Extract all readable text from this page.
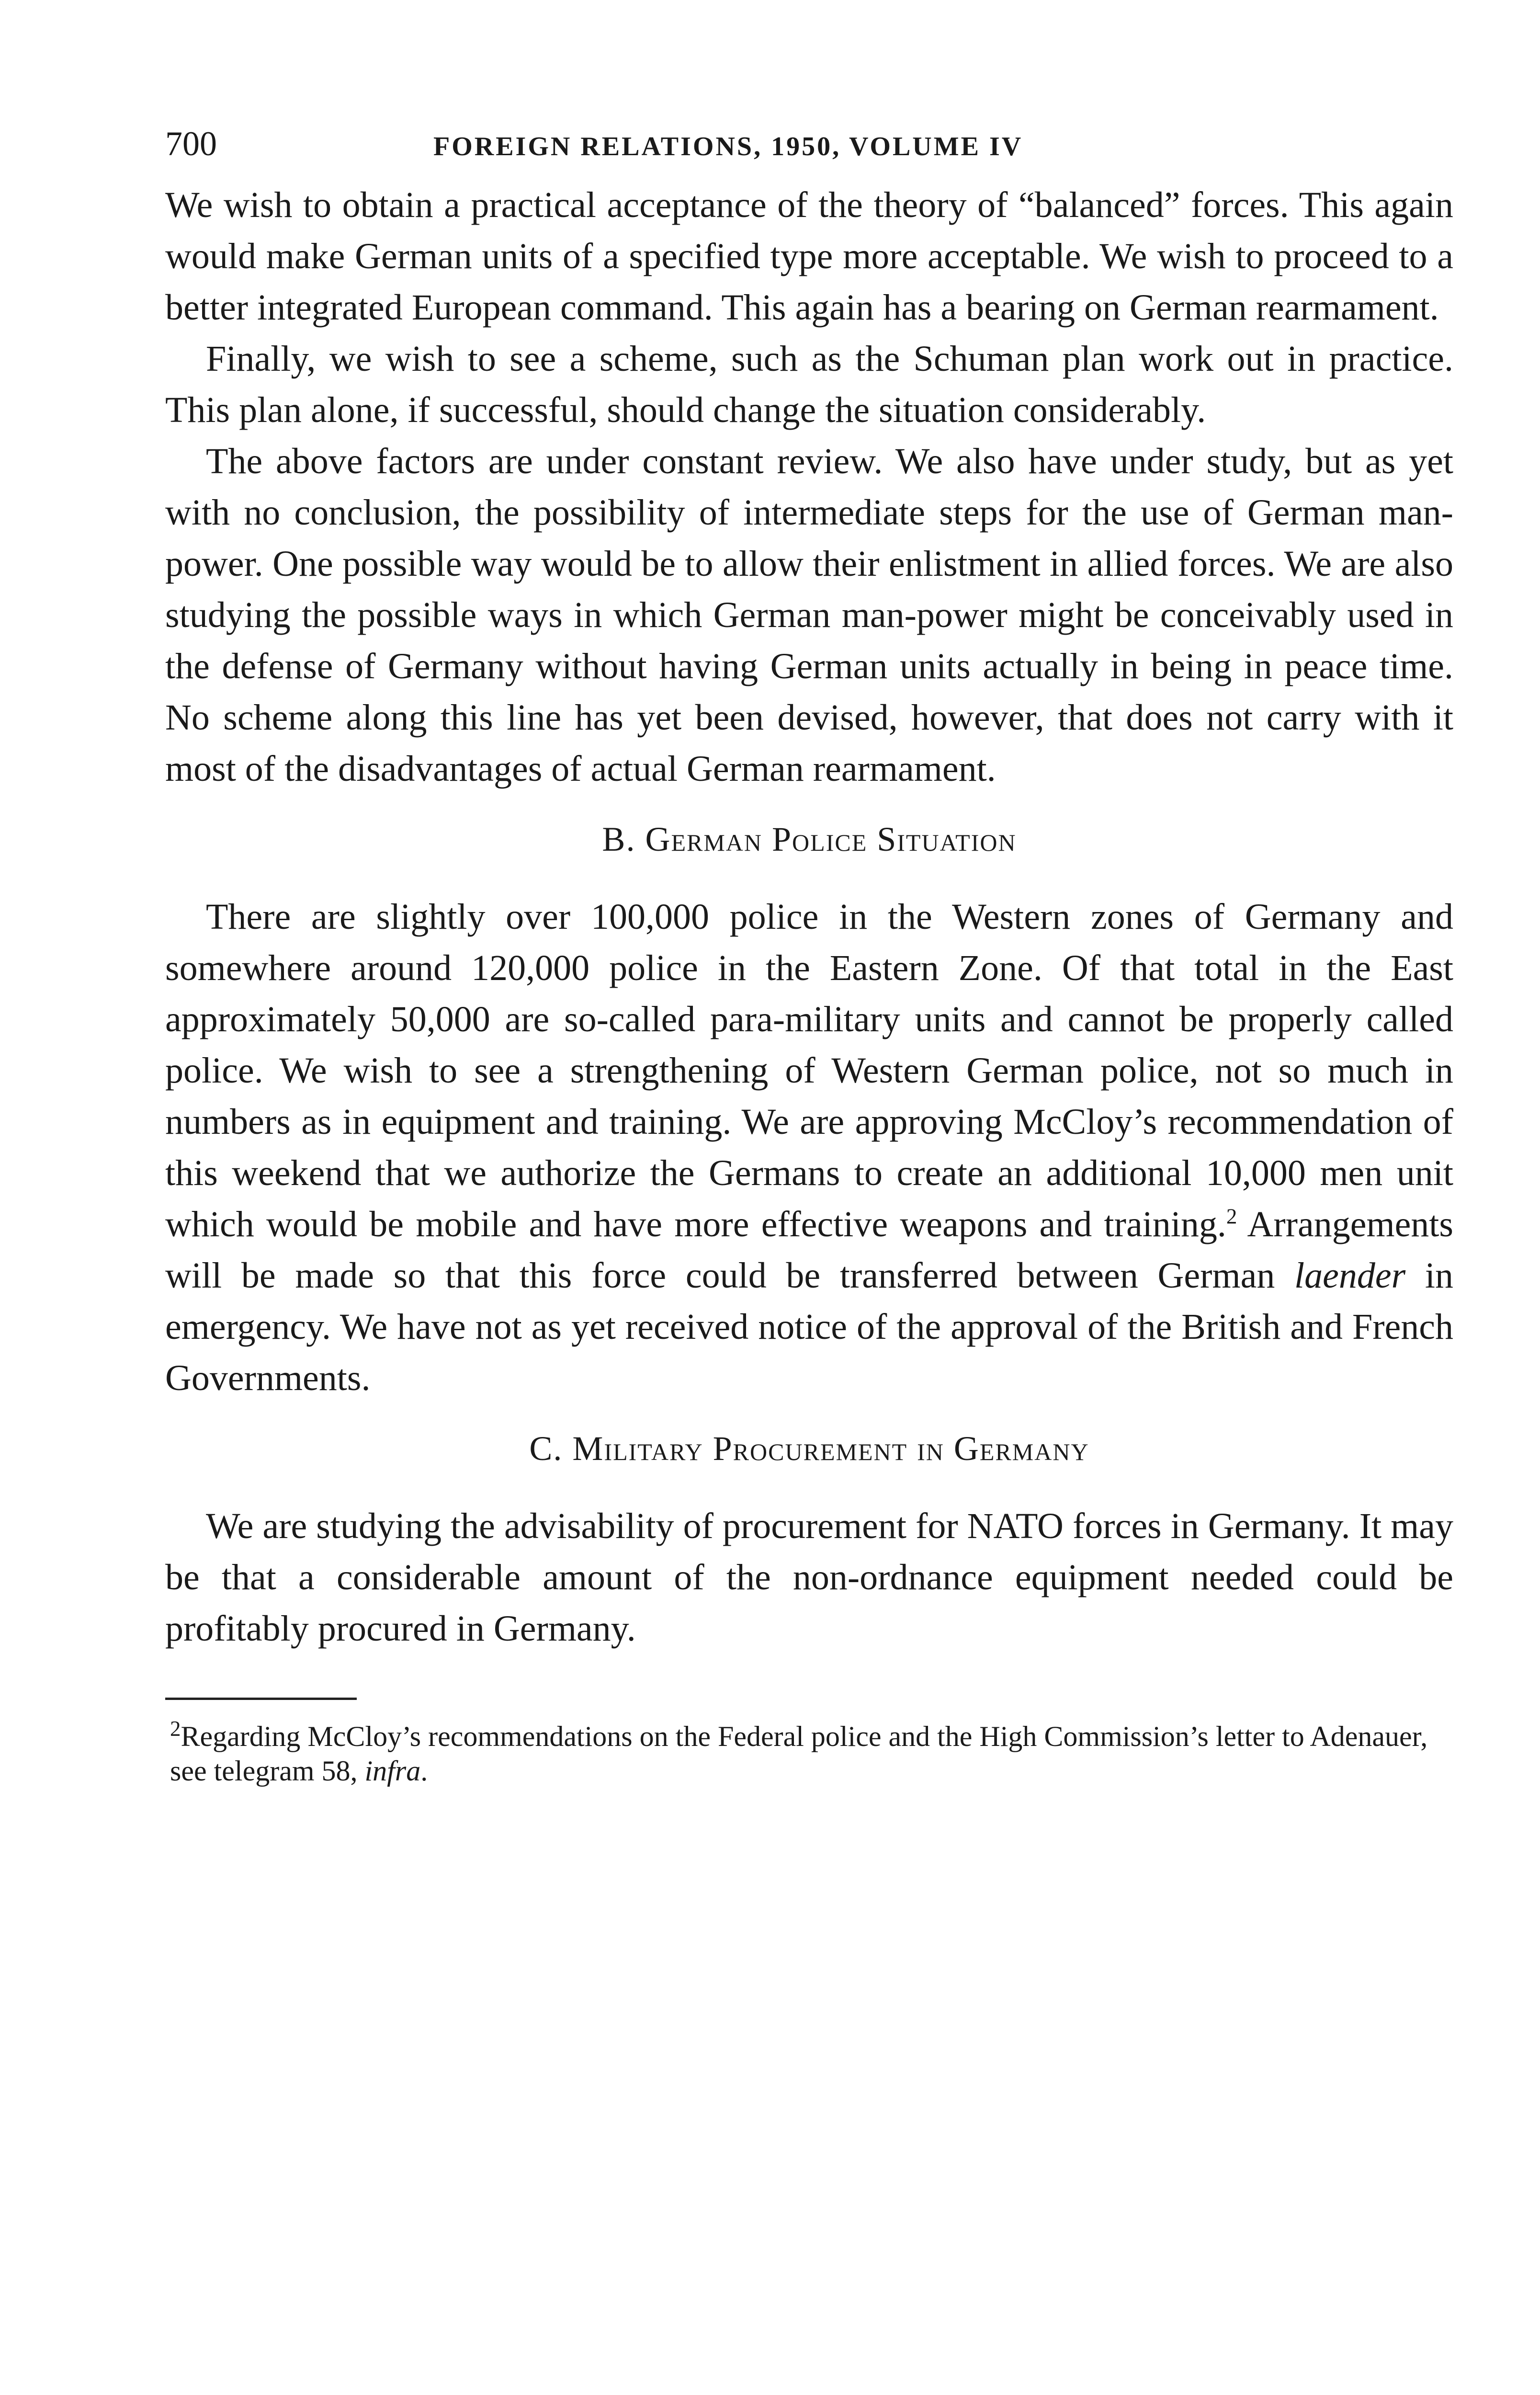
700	FOREIGN RELATIONS, 1950, VOLUME IV

We wish to obtain a practical acceptance of the theory of “balanced” forces. This again would make German units of a specified type more acceptable. We wish to proceed to a better integrated European command. This again has a bearing on German rearmament.

Finally, we wish to see a scheme, such as the Schuman plan work out in practice. This plan alone, if successful, should change the situation considerably.

The above factors are under constant review. We also have under study, but as yet with no conclusion, the possibility of intermediate steps for the use of German man-power. One possible way would be to allow their enlistment in allied forces. We are also studying the possible ways in which German man-power might be conceivably used in the defense of Germany without having German units actually in being in peace time. No scheme along this line has yet been devised, however, that does not carry with it most of the disadvantages of actual German rearmament.

B. German Police Situation

There are slightly over 100,000 police in the Western zones of Germany and somewhere around 120,000 police in the Eastern Zone. Of that total in the East approximately 50,000 are so-called para-military units and cannot be properly called police. We wish to see a strengthening of Western German police, not so much in numbers as in equipment and training. We are approving McCloy’s recommendation of this weekend that we authorize the Germans to create an additional 10,000 men unit which would be mobile and have more effective weapons and training.$^2$ Arrangements will be made so that this force could be transferred between German laender in emergency. We have not as yet received notice of the approval of the British and French Governments.

C. Military Procurement in Germany

We are studying the advisability of procurement for NATO forces in Germany. It may be that a considerable amount of the non-ordnance equipment needed could be profitably procured in Germany.

$^2$Regarding McCloy’s recommendations on the Federal police and the High Commission’s letter to Adenauer, see telegram 58, infra.
